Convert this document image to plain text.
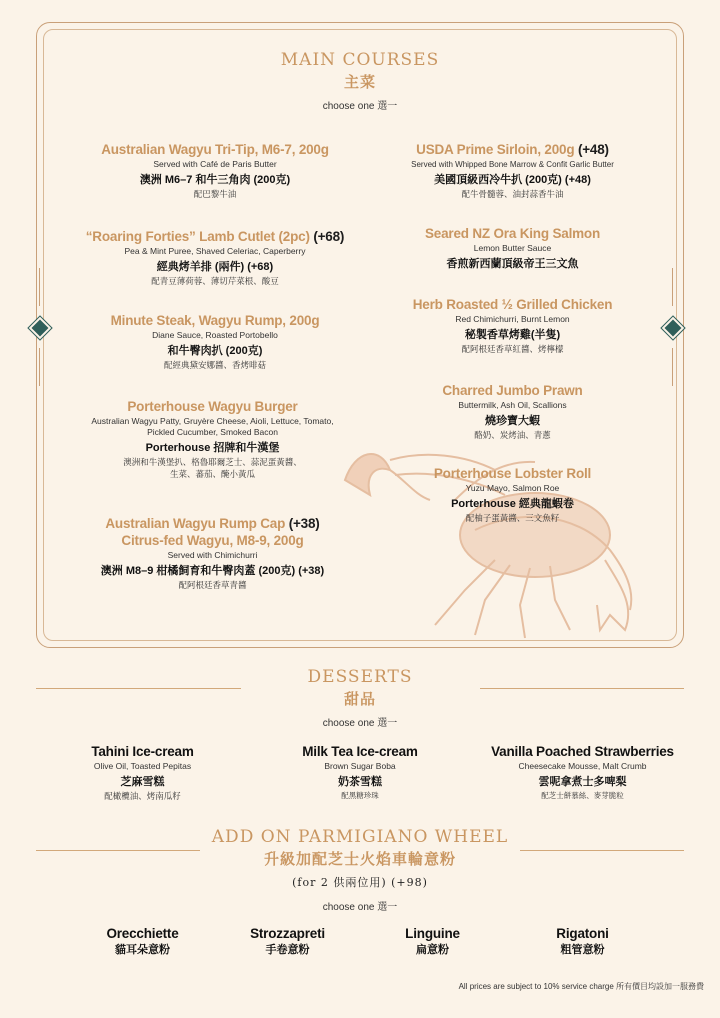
MAIN COURSES
主菜
choose one 選一
Australian Wagyu Tri-Tip, M6-7, 200g
Served with Café de Paris Butter
澳洲 M6–7 和牛三角肉 (200克)
配巴黎牛油
“Roaring Forties” Lamb Cutlet (2pc) (+68)
Pea & Mint Puree, Shaved Celeriac, Caperberry
經典烤羊排 (兩件) (+68)
配青豆薄荷蓉、薄切芹菜根、酸豆
Minute Steak, Wagyu Rump, 200g
Diane Sauce, Roasted Portobello
和牛臀肉扒 (200克)
配經典黛安娜醬、香烤啡菇
Porterhouse Wagyu Burger
Australian Wagyu Patty, Gruyère Cheese, Aioli, Lettuce, Tomato,
Pickled Cucumber, Smoked Bacon
Porterhouse 招牌和牛漢堡
澳洲和牛漢堡扒、格魯耶爾芝士、蒜泥蛋黃醬、
生菜、蕃茄、醃小黃瓜
Australian Wagyu Rump Cap (+38)
Citrus-fed Wagyu, M8-9, 200g
Served with Chimichurri
澳洲 M8–9 柑橘飼育和牛臀肉蓋 (200克) (+38)
配阿根廷香草青醬
USDA Prime Sirloin, 200g (+48)
Served with Whipped Bone Marrow & Confit Garlic Butter
美國頂級西冷牛扒 (200克) (+48)
配牛骨髓蓉、油封蒜香牛油
Seared NZ Ora King Salmon
Lemon Butter Sauce
香煎新西蘭頂級帝王三文魚
Herb Roasted ½ Grilled Chicken
Red Chimichurri, Burnt Lemon
秘製香草烤雞(半隻)
配阿根廷香草紅醬、烤檸檬
Charred Jumbo Prawn
Buttermilk, Ash Oil, Scallions
燒珍寶大蝦
酪奶、炭烤油、青蔥
Porterhouse Lobster Roll
Yuzu Mayo, Salmon Roe
Porterhouse 經典龍蝦卷
配柚子蛋黃醬、三文魚籽
DESSERTS
甜品
choose one 選一
Tahini Ice-cream
Olive Oil, Toasted Pepitas
芝麻雪糕
配橄欖油、烤南瓜籽
Milk Tea Ice-cream
Brown Sugar Boba
奶茶雪糕
配黑糖珍珠
Vanilla Poached Strawberries
Cheesecake Mousse, Malt Crumb
雲呢拿煮士多啤梨
配芝士餅慕絲、麥芽脆粒
ADD ON PARMIGIANO WHEEL
升級加配芝士火焰車輪意粉
(for 2 供兩位用) (+98)
choose one 選一
Orecchiette
貓耳朵意粉
Strozzapreti
手卷意粉
Linguine
扁意粉
Rigatoni
粗管意粉
All prices are subject to 10% service charge 所有價目均設加一服務費
